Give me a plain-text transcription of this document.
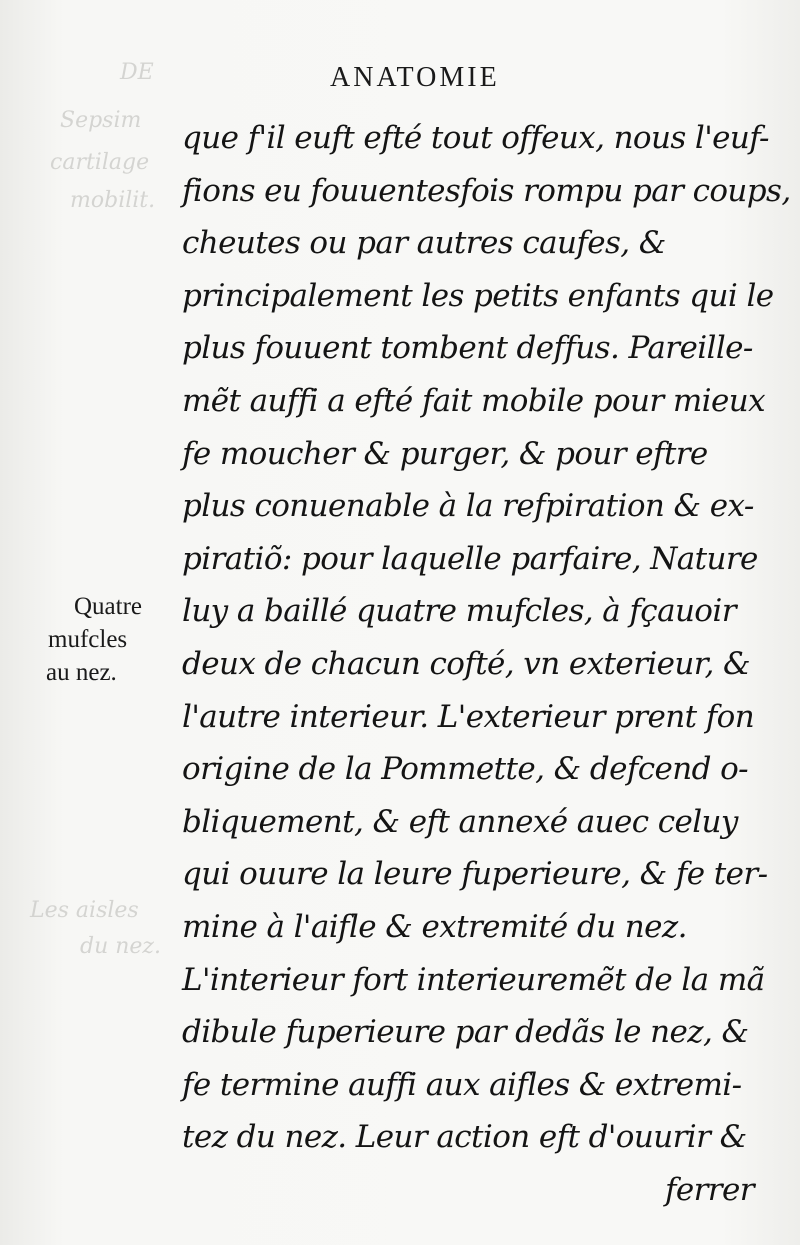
DE
Sepsim
cartilage
mobilit.
Les aisles
du nez.
ANATOMIE
Quatre
mufcles
au nez.
que f'il euft efté tout offeux, nous l'euf-
fions eu fouuentesfois rompu par coups,
cheutes ou par autres caufes, &
principalement les petits enfants qui le
plus fouuent tombent deffus. Pareille-
mẽt auffi a efté fait mobile pour mieux
fe moucher & purger, & pour eftre
plus conuenable à la refpiration & ex-
piratiõ: pour laquelle parfaire, Nature
luy a baillé quatre mufcles, à fçauoir
deux de chacun cofté, vn exterieur, &
l'autre interieur. L'exterieur prent fon
origine de la Pommette, & defcend o-
bliquement, & eft annexé auec celuy
qui ouure la leure fuperieure, & fe ter-
mine à l'aifle & extremité du nez.
L'interieur fort interieuremẽt de la mã
dibule fuperieure par dedãs le nez, &
fe termine auffi aux aifles & extremi-
tez du nez. Leur action eft d'ouurir &
ferrer
